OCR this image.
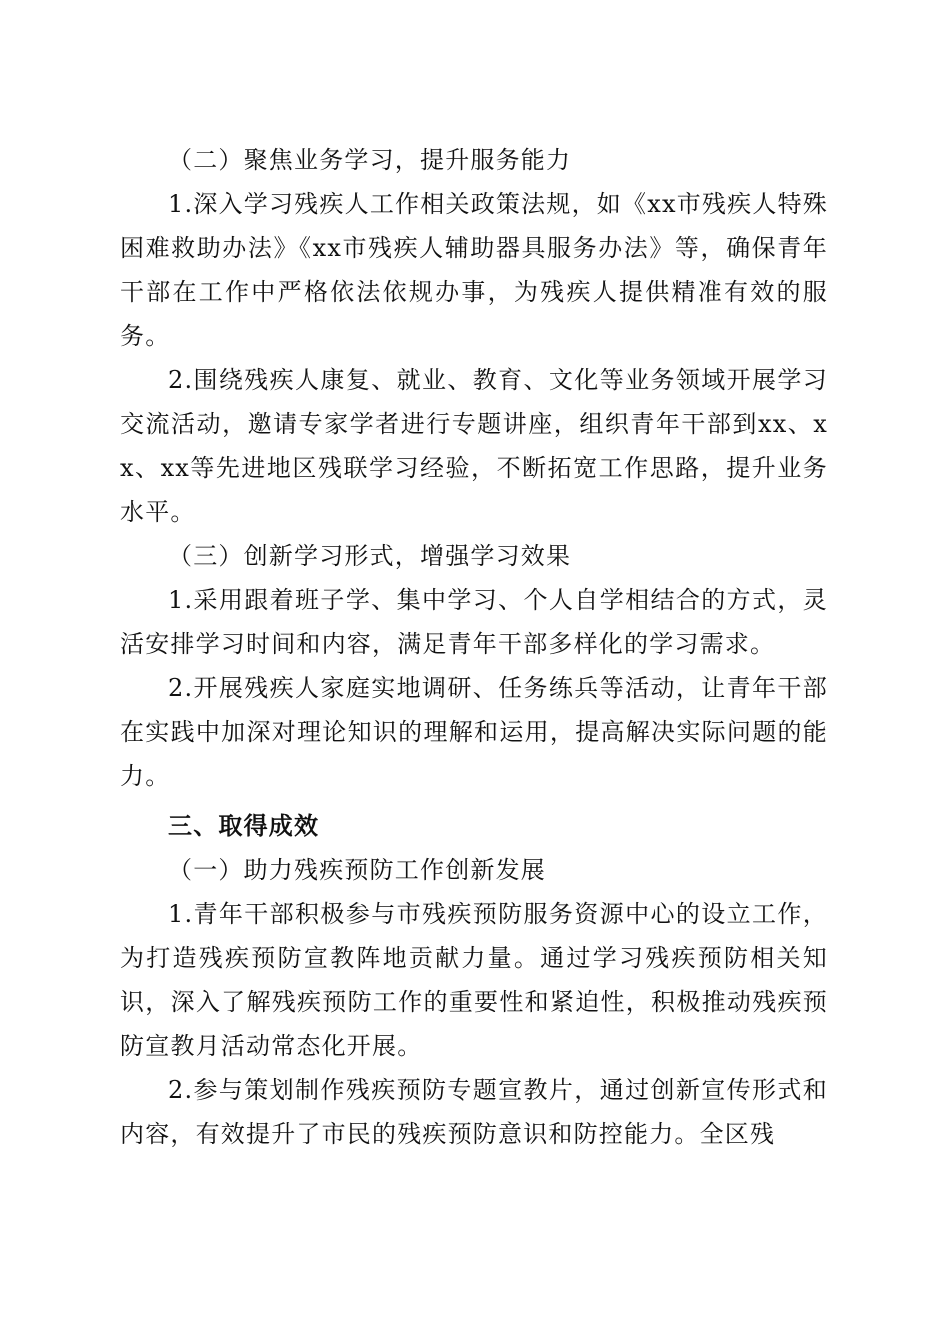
（二）聚焦业务学习，提升服务能力

1.深入学习残疾人工作相关政策法规，如《xx市残疾人特殊困难救助办法》《xx市残疾人辅助器具服务办法》等，确保青年干部在工作中严格依法依规办事，为残疾人提供精准有效的服务。

2.围绕残疾人康复、就业、教育、文化等业务领域开展学习交流活动，邀请专家学者进行专题讲座，组织青年干部到xx、xx、xx等先进地区残联学习经验，不断拓宽工作思路，提升业务水平。

（三）创新学习形式，增强学习效果

1.采用跟着班子学、集中学习、个人自学相结合的方式，灵活安排学习时间和内容，满足青年干部多样化的学习需求。

2.开展残疾人家庭实地调研、任务练兵等活动，让青年干部在实践中加深对理论知识的理解和运用，提高解决实际问题的能力。

三、取得成效

（一）助力残疾预防工作创新发展

1.青年干部积极参与市残疾预防服务资源中心的设立工作，为打造残疾预防宣教阵地贡献力量。通过学习残疾预防相关知识，深入了解残疾预防工作的重要性和紧迫性，积极推动残疾预防宣教月活动常态化开展。

2.参与策划制作残疾预防专题宣教片，通过创新宣传形式和内容，有效提升了市民的残疾预防意识和防控能力。全区残
